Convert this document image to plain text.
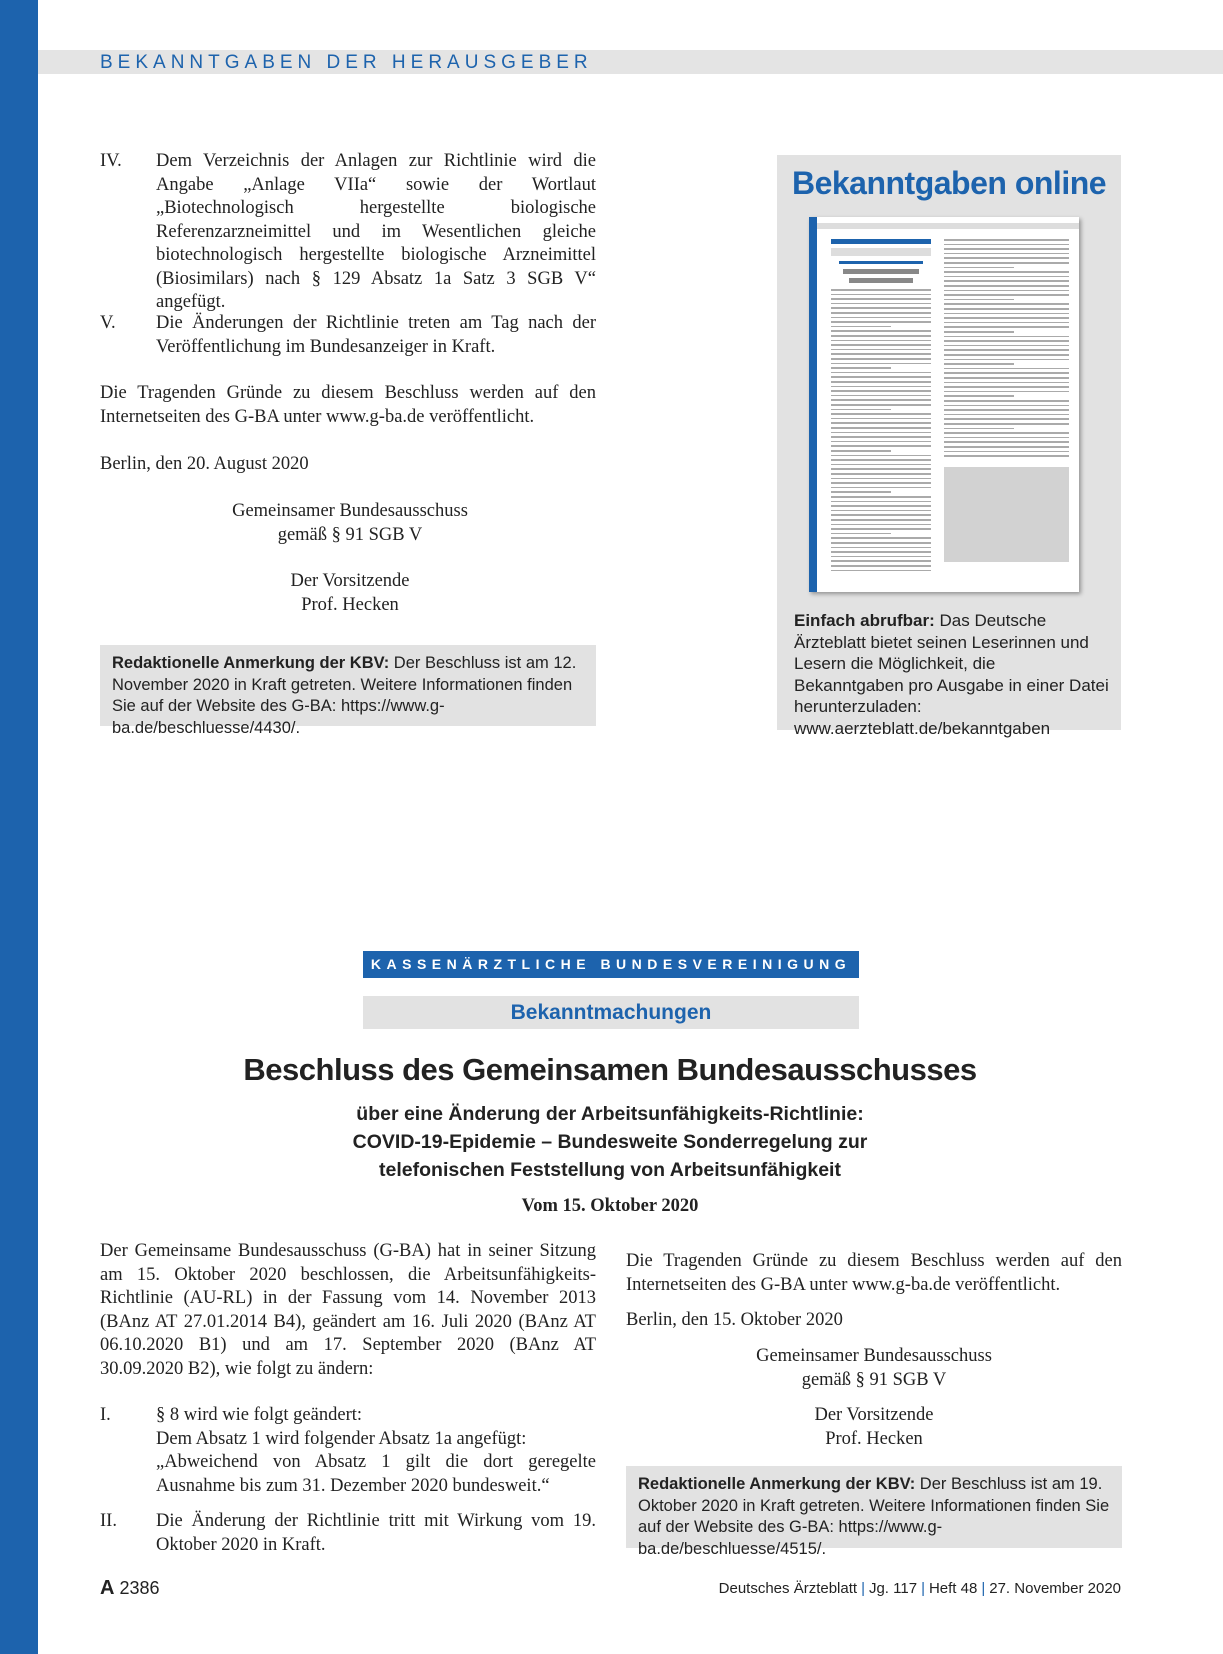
BEKANNTGABEN DER HERAUSGEBER
IV. Dem Verzeichnis der Anlagen zur Richtlinie wird die Angabe „Anlage VIIa“ sowie der Wortlaut „Biotechnologisch hergestellte biologische Referenzarzneimittel und im Wesentlichen gleiche biotechnologisch hergestellte biologische Arzneimittel (Biosimilars) nach § 129 Absatz 1a Satz 3 SGB V“ angefügt.
V. Die Änderungen der Richtlinie treten am Tag nach der Veröffentlichung im Bundesanzeiger in Kraft.
Die Tragenden Gründe zu diesem Beschluss werden auf den Internetseiten des G-BA unter www.g-ba.de veröffentlicht.
Berlin, den 20. August 2020
Gemeinsamer Bundesausschuss
gemäß § 91 SGB V
Der Vorsitzende
Prof. Hecken
Redaktionelle Anmerkung der KBV: Der Beschluss ist am 12. November 2020 in Kraft getreten. Weitere Informationen finden Sie auf der Website des G-BA: https://www.g-ba.de/beschluesse/4430/.
Bekanntgaben online
Einfach abrufbar: Das Deutsche Ärzteblatt bietet seinen Leserinnen und Lesern die Möglichkeit, die Bekanntgaben pro Ausgabe in einer Datei herunterzuladen: www.aerzteblatt.de/bekanntgaben
KASSENÄRZTLICHE BUNDESVEREINIGUNG
Bekanntmachungen
Beschluss des Gemeinsamen Bundesausschusses
über eine Änderung der Arbeitsunfähigkeits-Richtlinie:
COVID-19-Epidemie – Bundesweite Sonderregelung zur
telefonischen Feststellung von Arbeitsunfähigkeit
Vom 15. Oktober 2020
Der Gemeinsame Bundesausschuss (G-BA) hat in seiner Sitzung am 15. Oktober 2020 beschlossen, die Arbeitsunfähigkeits-Richtlinie (AU-RL) in der Fassung vom 14. November 2013 (BAnz AT 27.01.2014 B4), geändert am 16. Juli 2020 (BAnz AT 06.10.2020 B1) und am 17. September 2020 (BAnz AT 30.09.2020 B2), wie folgt zu ändern:
I. § 8 wird wie folgt geändert:
Dem Absatz 1 wird folgender Absatz 1a angefügt:
„Abweichend von Absatz 1 gilt die dort geregelte Ausnahme bis zum 31. Dezember 2020 bundesweit.“
II. Die Änderung der Richtlinie tritt mit Wirkung vom 19. Oktober 2020 in Kraft.
Die Tragenden Gründe zu diesem Beschluss werden auf den Internetseiten des G-BA unter www.g-ba.de veröffentlicht.
Berlin, den 15. Oktober 2020
Gemeinsamer Bundesausschuss
gemäß § 91 SGB V
Der Vorsitzende
Prof. Hecken
Redaktionelle Anmerkung der KBV: Der Beschluss ist am 19. Oktober 2020 in Kraft getreten. Weitere Informationen finden Sie auf der Website des G-BA: https://www.g-ba.de/beschluesse/4515/.
A 2386	Deutsches Ärzteblatt | Jg. 117 | Heft 48 | 27. November 2020
